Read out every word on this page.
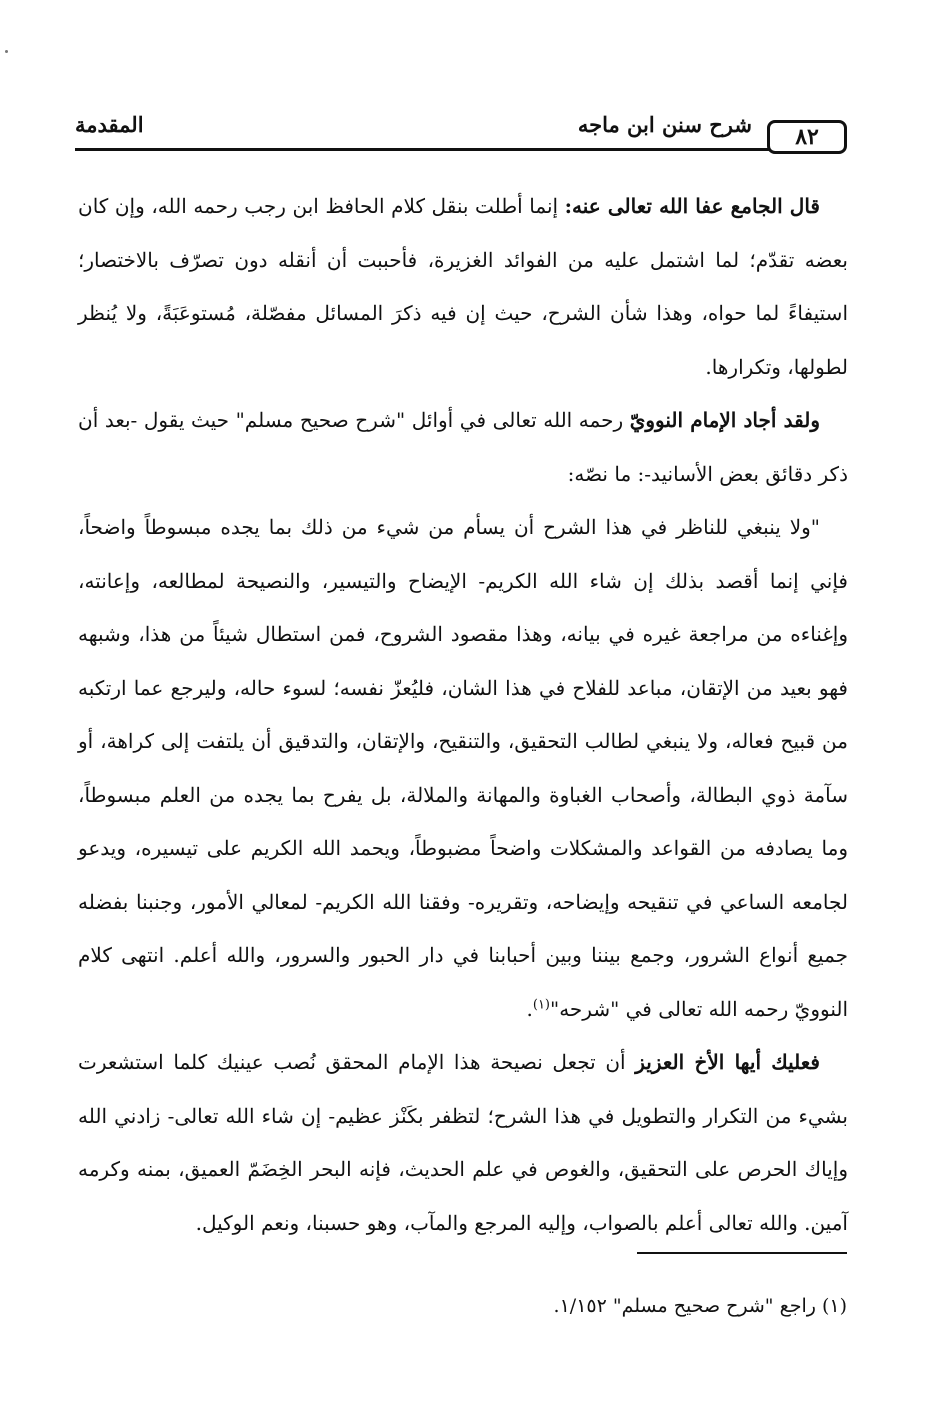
المقدمة	شرح سنن ابن ماجه ٨٢

قال الجامع عفا الله تعالى عنه: إنما أطلت بنقل كلام الحافظ ابن رجب رحمه الله، وإن كان بعضه تقدّم؛ لما اشتمل عليه من الفوائد الغزيرة، فأحببت أن أنقله دون تصرّف بالاختصار؛ استيفاءً لما حواه، وهذا شأن الشرح، حيث إن فيه ذكرَ المسائل مفصّلة، مُستوعَبَةً، ولا يُنظر لطولها، وتكرارها.

ولقد أجاد الإمام النوويّ رحمه الله تعالى في أوائل "شرح صحيح مسلم" حيث يقول -بعد أن ذكر دقائق بعض الأسانيد-: ما نصّه:

"ولا ينبغي للناظر في هذا الشرح أن يسأم من شيء من ذلك بما يجده مبسوطاً واضحاً، فإني إنما أقصد بذلك إن شاء الله الكريم- الإيضاح والتيسير، والنصيحة لمطالعه، وإعانته، وإغناءه من مراجعة غيره في بيانه، وهذا مقصود الشروح، فمن استطال شيئاً من هذا، وشبهه فهو بعيد من الإتقان، مباعد للفلاح في هذا الشان، فليُعزّ نفسه؛ لسوء حاله، وليرجع عما ارتكبه من قبيح فعاله، ولا ينبغي لطالب التحقيق، والتنقيح، والإتقان، والتدقيق أن يلتفت إلى كراهة، أو سآمة ذوي البطالة، وأصحاب الغباوة والمهانة والملالة، بل يفرح بما يجده من العلم مبسوطاً، وما يصادفه من القواعد والمشكلات واضحاً مضبوطاً، ويحمد الله الكريم على تيسيره، ويدعو لجامعه الساعي في تنقيحه وإيضاحه، وتقريره- وفقنا الله الكريم- لمعالي الأمور، وجنبنا بفضله جميع أنواع الشرور، وجمع بيننا وبين أحبابنا في دار الحبور والسرور، والله أعلم. انتهى كلام النوويّ رحمه الله تعالى في "شرحه"$^{(١)}$.

فعليك أيها الأخ العزيز أن تجعل نصيحة هذا الإمام المحقق نُصب عينيك كلما استشعرت بشيء من التكرار والتطويل في هذا الشرح؛ لتظفر بكَنْز عظيم- إن شاء الله تعالى- زادني الله وإياك الحرص على التحقيق، والغوص في علم الحديث، فإنه البحر الخِضَمّ العميق، بمنه وكرمه آمين. والله تعالى أعلم بالصواب، وإليه المرجع والمآب، وهو حسبنا، ونعم الوكيل.

(١) راجع "شرح صحيح مسلم" ١/١٥٢.
